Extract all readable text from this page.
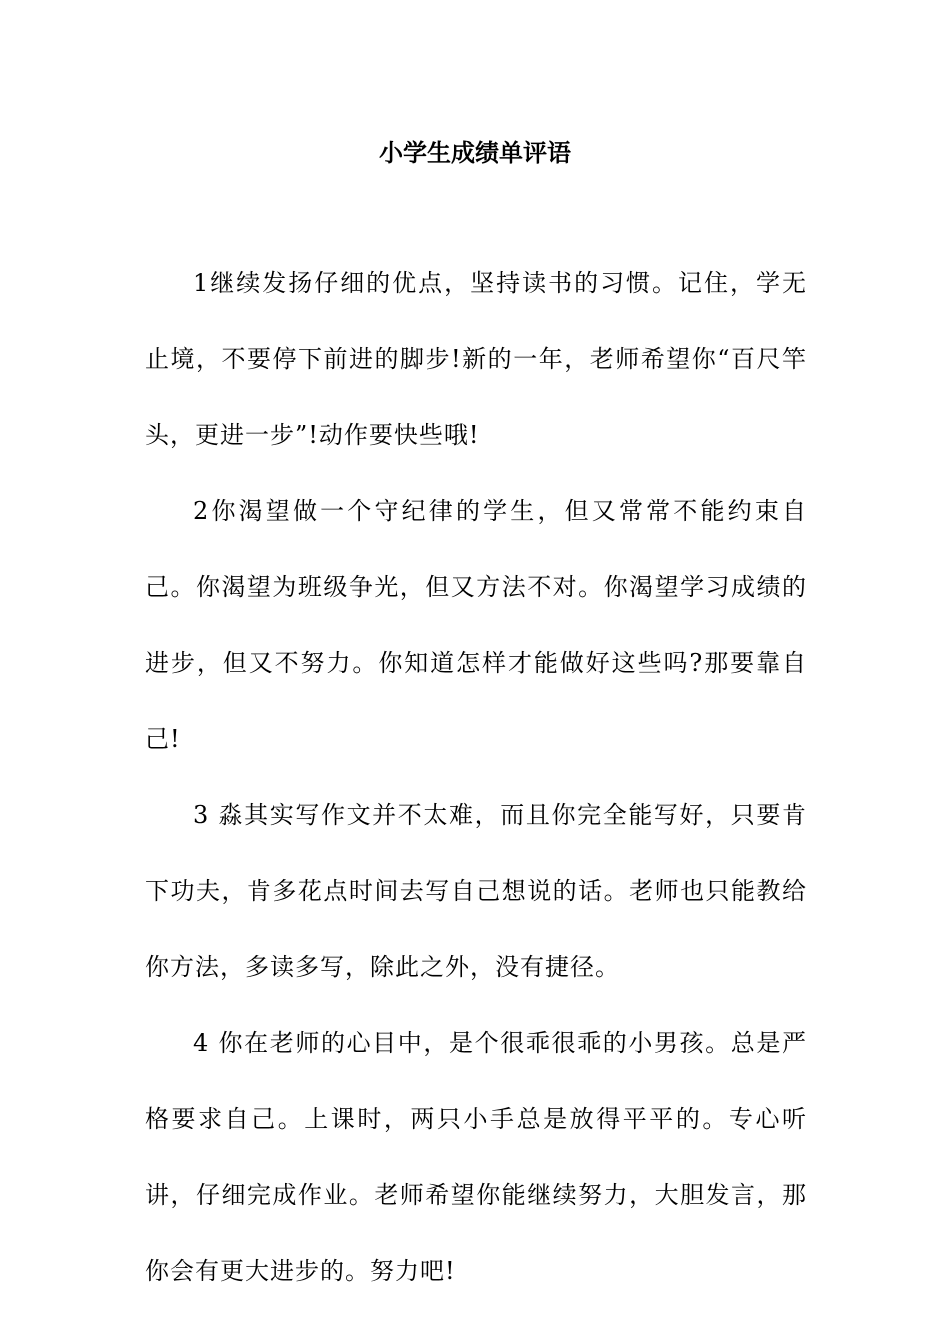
小学生成绩单评语

1继续发扬仔细的优点，坚持读书的习惯。记住，学无止境，不要停下前进的脚步!新的一年，老师希望你“百尺竿头，更进一步”!动作要快些哦!

2你渴望做一个守纪律的学生，但又常常不能约束自己。你渴望为班级争光，但又方法不对。你渴望学习成绩的进步，但又不努力。你知道怎样才能做好这些吗?那要靠自己!

3 淼其实写作文并不太难，而且你完全能写好，只要肯下功夫，肯多花点时间去写自己想说的话。老师也只能教给你方法，多读多写，除此之外，没有捷径。

4 你在老师的心目中，是个很乖很乖的小男孩。总是严格要求自己。上课时，两只小手总是放得平平的。专心听讲，仔细完成作业。老师希望你能继续努力，大胆发言，那你会有更大进步的。努力吧!
